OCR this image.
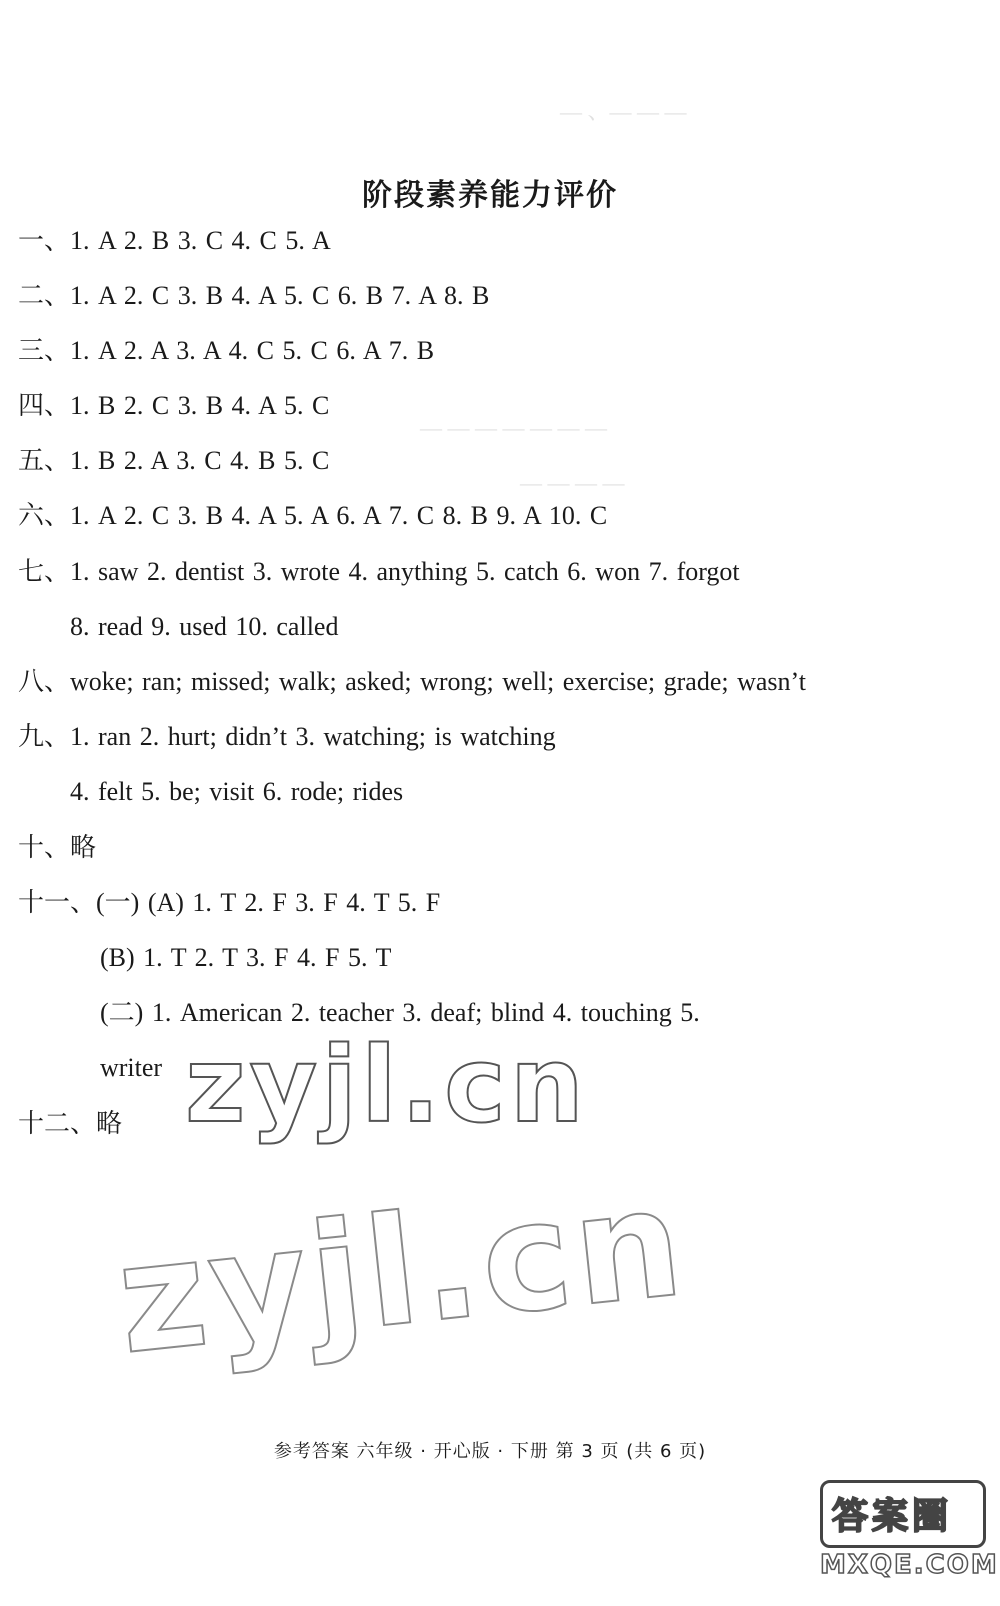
— 、— — —
— — — — — — —
— — — —
阶段素养能力评价
一、1. A 2. B 3. C 4. C 5. A
二、1. A 2. C 3. B 4. A 5. C 6. B 7. A 8. B
三、1. A 2. A 3. A 4. C 5. C 6. A 7. B
四、1. B 2. C 3. B 4. A 5. C
五、1. B 2. A 3. C 4. B 5. C
六、1. A 2. C 3. B 4. A 5. A 6. A 7. C 8. B 9. A 10. C
七、1. saw 2. dentist 3. wrote 4. anything 5. catch 6. won 7. forgot
8. read 9. used 10. called
八、woke; ran; missed; walk; asked; wrong; well; exercise; grade; wasn’t
九、1. ran 2. hurt; didn’t 3. watching; is watching
4. felt 5. be; visit 6. rode; rides
十、略
十一、(一) (A) 1. T 2. F 3. F 4. T 5. F
(B) 1. T 2. T 3. F 4. F 5. T
(二) 1. American 2. teacher 3. deaf; blind 4. touching 5.
writer
十二、略 zyjl.cn
zyjl.cn
参考答案 六年级 · 开心版 · 下册 第 3 页 (共 6 页)
答案圈
MXQE.COM
